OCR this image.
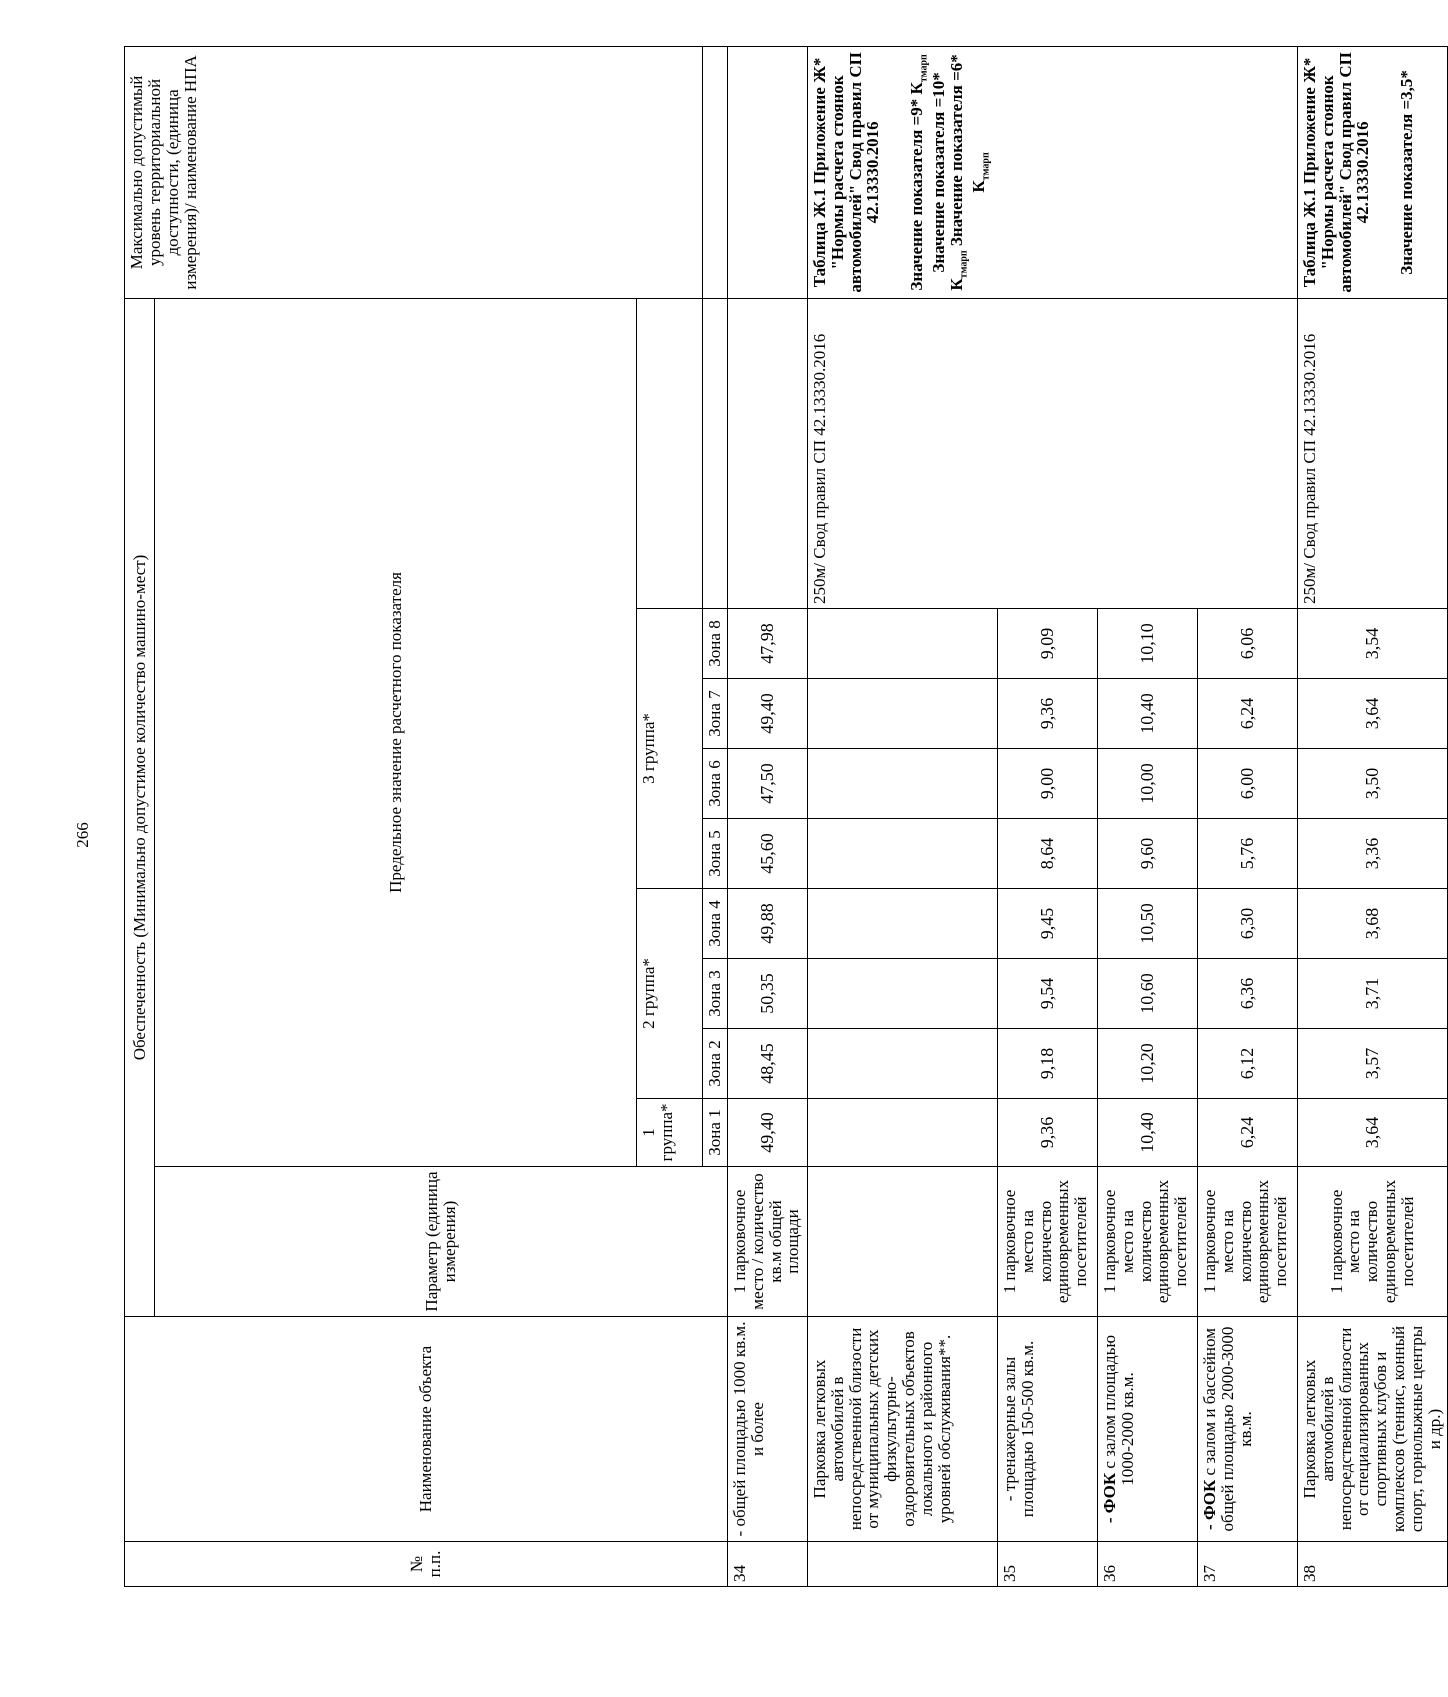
266
№ п.п.	Наименование объекта	Обеспеченность (Минимально допустимое количество машино-мест)										Максимально допустимый уровень территориальной доступности, (единица измерения)/ наименование НПА	
		Параметр (единица измерения)	Предельное значение расчетного показателя										
			1 группа*	2 группа*			3 группа*						
			Зона 1	Зона 2	Зона 3	Зона 4	Зона 5	Зона 6	Зона 7	Зона 8			
34	- общей площадью 1000 кв.м. и более	1 парковочное место / количество кв.м общей площади	49,40	48,45	50,35	49,88	45,60	47,50	49,40	47,98			
	Парковка легковых автомобилей в непосредственной близости от муниципальных детских физкультурно-оздоровительных объектов локального и районного уровней обслуживания**.										250м/ Свод правил СП 42.13330.2016	Таблица Ж.1 Приложение Ж* "Нормы расчета стоянок автомобилей" Свод правил СП 42.13330.2016 Значение показателя =9* $К_{тмарп}$ Значение показателя =10* $К_{тмарп}$ Значение показателя =6* $К_{тмарп}$

35	- тренажерные залы площадью 150-500 кв.м.	1 парковочное место на количество единовременных посетителей	9,36	9,18	9,54	9,45	8,64	9,00	9,36	9,09			
36	- ФОК с залом площадью 1000-2000 кв.м.	1 парковочное место на количество единовременных посетителей	10,40	10,20	10,60	10,50	9,60	10,00	10,40	10,10			
37	- ФОК с залом и бассейном общей площадью 2000-3000 кв.м.	1 парковочное место на количество единовременных посетителей	6,24	6,12	6,36	6,30	5,76	6,00	6,24	6,06			
38	Парковка легковых автомобилей в непосредственной близости от специализированных спортивных клубов и комплексов (теннис, конный спорт, горнолыжные центры и др.)	1 парковочное место на количество единовременных посетителей	3,64	3,57	3,71	3,68	3,36	3,50	3,64	3,54	250м/ Свод правил СП 42.13330.2016	Таблица Ж.1 Приложение Ж* "Нормы расчета стоянок автомобилей" Свод правил СП 42.13330.2016 Значение показателя =3,5*	
